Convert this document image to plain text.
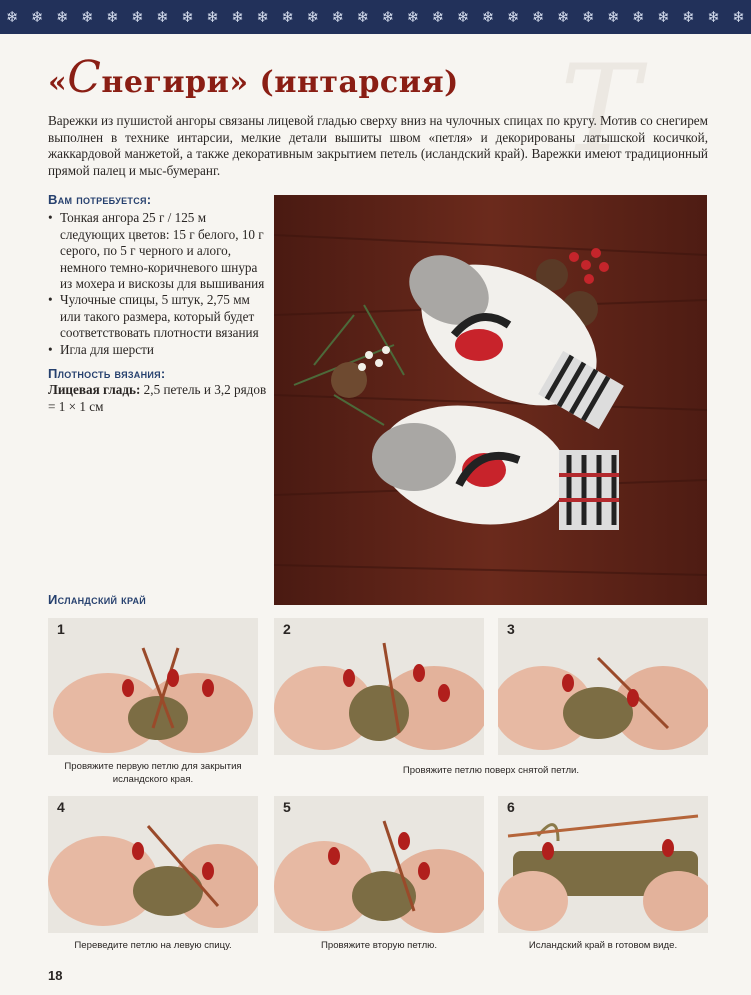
❄ ❄ ❄ ❄ ❄ ❄ ❄ ❄ ❄ ❄ ❄ ❄ ❄ ❄ ❄ ❄ ❄ ❄ ❄ ❄ ❄ ❄ ❄ ❄ ❄ ❄ ❄ ❄ ❄ ❄
Т
«Снегири» (интарсия)
Варежки из пушистой ангоры связаны лицевой гладью сверху вниз на чулочных спицах по кругу. Мотив со снегирем выполнен в технике интарсии, мелкие детали вышиты швом «петля» и декорированы латышской косичкой, жаккардовой манжетой, а также декоративным закрытием петель (исландский край). Варежки имеют традиционный прямой палец и мыс-бумеранг.
Вам потребуется:
• Тонкая ангора 25 г / 125 м следующих цветов: 15 г белого, 10 г серого, по 5 г черного и алого, немного темно-коричневого шнура из мохера и вискозы для вышивания
• Чулочные спицы, 5 штук, 2,75 мм или такого размера, который будет соответствовать плотности вязания
• Игла для шерсти
Плотность вязания:
Лицевая гладь: 2,5 петель и 3,2 рядов = 1 × 1 см
Исландский край
1	2	3
Провяжите первую петлю для закрытия исландского края.
Провяжите петлю поверх снятой петли.
4	5	6
Переведите петлю на левую спицу.	Провяжите вторую петлю.	Исландский край в готовом виде.
18
